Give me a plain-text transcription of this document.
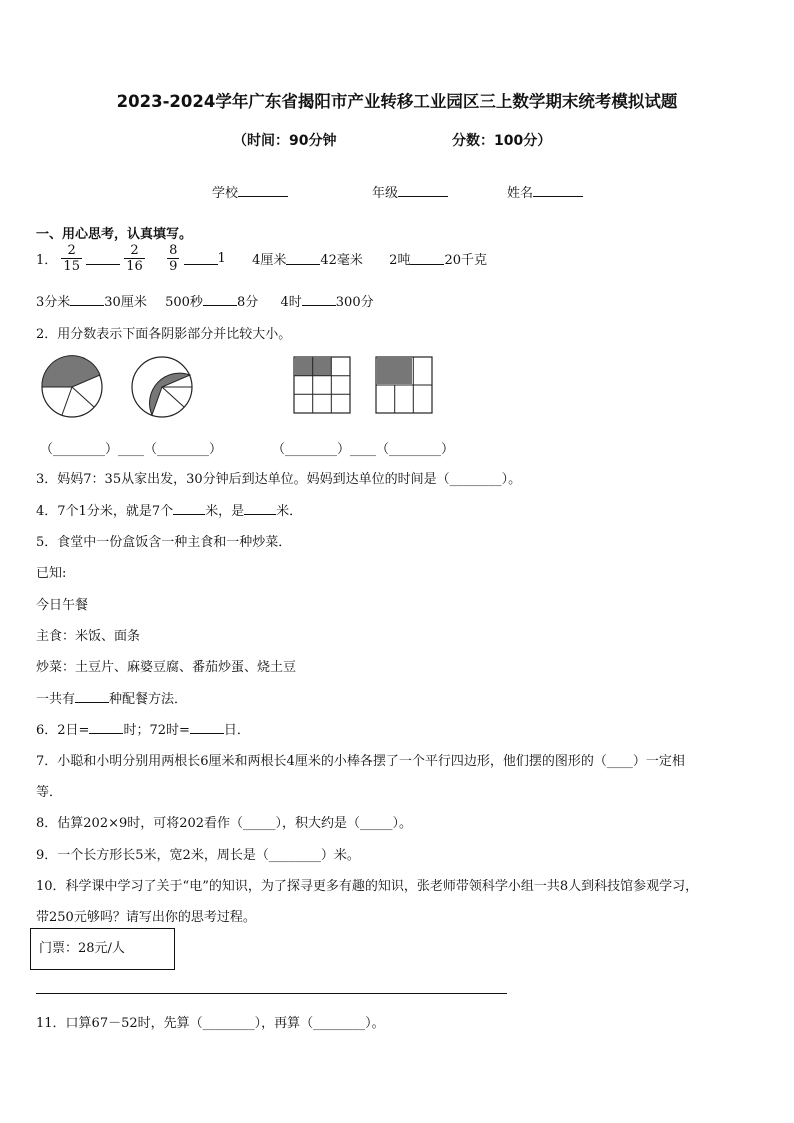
2023-2024学年广东省揭阳市产业转移工业园区三上数学期末统考模拟试题
（时间：90分钟	分数：100分）
学校	年级	姓名
一、用心思考，认真填写。
1． $\frac{2}{15}$
	$\frac{2}{16}$
$\frac{8}{9}$	1 4厘米	42毫米 2吨	20千克
3分米	30厘米 500秒	8分 4时	300分
2．用分数表示下面各阴影部分并比较大小。
（________）____（________）	（________）____（________）
3．妈妈7：35从家出发，30分钟后到达单位。妈妈到达单位的时间是（________）。
4．7个1分米，就是7个 米，是 米．
5．食堂中一份盒饭含一种主食和一种炒菜．
已知:
今日午餐
主食：米饭、面条
炒菜：土豆片、麻婆豆腐、番茄炒蛋、烧土豆
一共有	种配餐方法．
6．2日=	时；72时=	日．
7．小聪和小明分别用两根长6厘米和两根长4厘米的小棒各摆了一个平行四边形，他们摆的图形的（____）一定相
等．
8．估算202×9时，可将202看作（_____），积大约是（_____）。
9．一个长方形长5米，宽2米，周长是（________）米。
10．科学课中学习了关于“电”的知识，为了探寻更多有趣的知识，张老师带领科学小组一共8人到科技馆参观学习，
带250元够吗？请写出你的思考过程。
门票：28元/人
11．口算67－52时，先算（________），再算（________）。
